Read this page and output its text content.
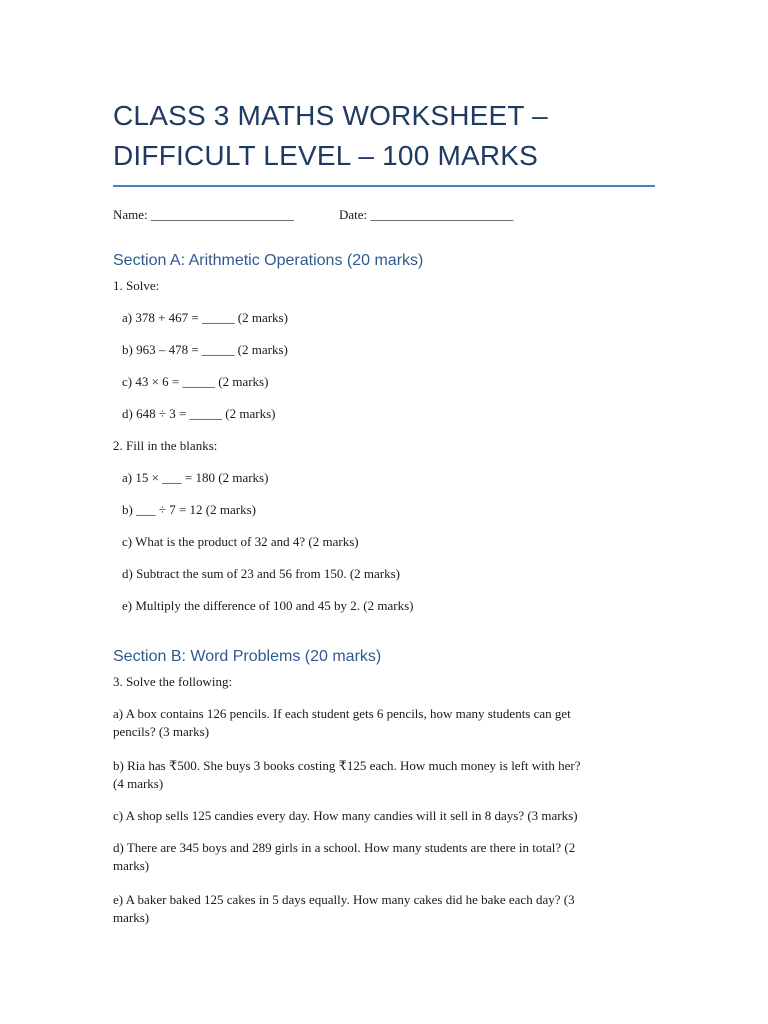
CLASS 3 MATHS WORKSHEET –
DIFFICULT LEVEL – 100 MARKS
Name: ______________________	Date: ______________________
Section A: Arithmetic Operations (20 marks)

1. Solve:

a) 378 + 467 = _____ (2 marks)

b) 963 – 478 = _____ (2 marks)

c) 43 × 6 = _____ (2 marks)

d) 648 ÷ 3 = _____ (2 marks)

2. Fill in the blanks:

a) 15 × ___ = 180 (2 marks)

b) ___ ÷ 7 = 12 (2 marks)

c) What is the product of 32 and 4? (2 marks)

d) Subtract the sum of 23 and 56 from 150. (2 marks)

e) Multiply the difference of 100 and 45 by 2. (2 marks)

Section B: Word Problems (20 marks)

3. Solve the following:

a) A box contains 126 pencils. If each student gets 6 pencils, how many students can get

pencils? (3 marks)

b) Ria has ₹500. She buys 3 books costing ₹125 each. How much money is left with her?

(4 marks)

c) A shop sells 125 candies every day. How many candies will it sell in 8 days? (3 marks)

d) There are 345 boys and 289 girls in a school. How many students are there in total? (2

marks)

e) A baker baked 125 cakes in 5 days equally. How many cakes did he bake each day? (3

marks)
